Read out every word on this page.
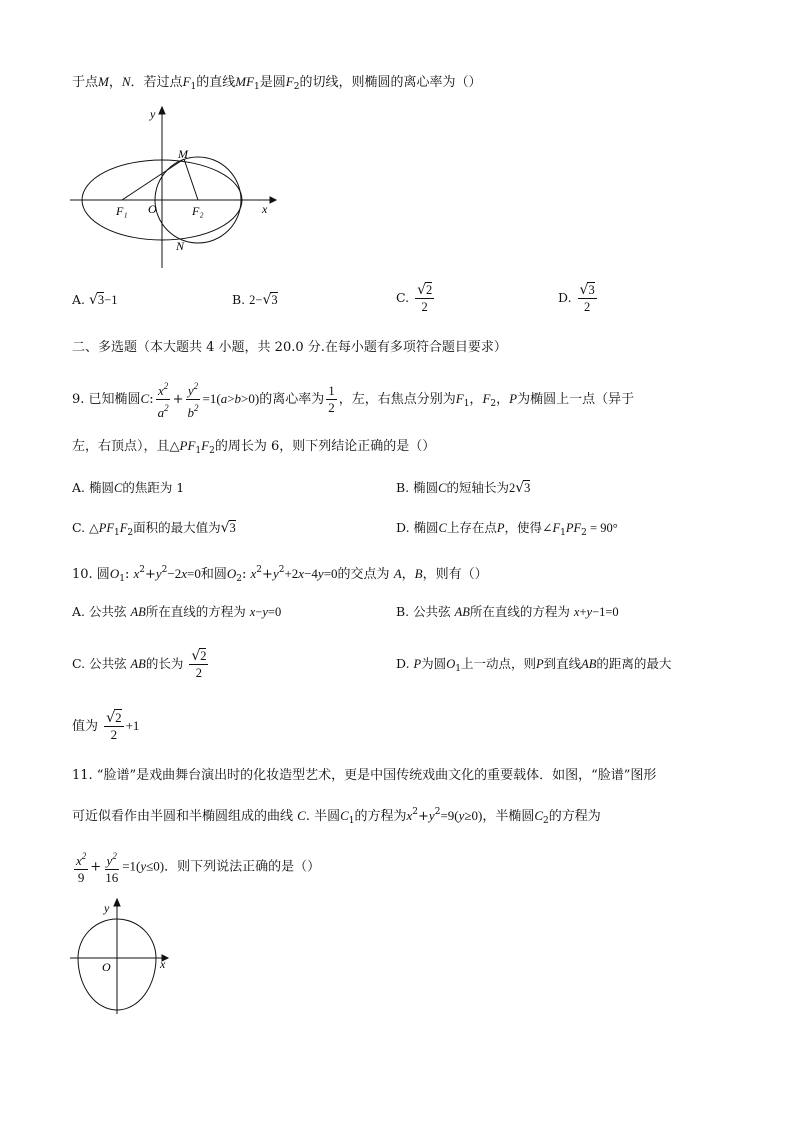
于点M，N．若过点$F_1$的直线$MF_1$是圆$F_2$的切线，则椭圆的离心率为（）
y
x
M
N
O
F₁	F₂
A. √3−1	B. 2−√3	C. $\frac{√2}{2}$	D. $\frac{√3}{2}$
二、多选题（本大题共 4 小题，共 20.0 分.在每小题有多项符合题目要求）
9. 已知椭圆C: $\frac{x^2}{a^2} + \frac{y^2}{b^2} =1(a>b>0)$的离心率为 $\frac{1}{2}$ ，左，右焦点分别为$F_1$，$F_2$，P为椭圆上一点（异于
左，右顶点），且$\triangle PF_1F_2$的周长为 6，则下列结论正确的是（）
A. 椭圆C的焦距为 1	B. 椭圆C的短轴长为2√3
C. $\triangle PF_1F_2$面积的最大值为√3	D. 椭圆C上存在点P，使得$\angle F_1PF_2 = 90^\circ$
10. 圆$O_1$: $x^2+y^2-2x=0$和圆$O_2$: $x^2+y^2+2x-4y=0$的交点为 A，B，则有（）
A. 公共弦 AB所在直线的方程为 x−y=0	B. 公共弦 AB所在直线的方程为 x+y−1=0
C. 公共弦 AB的长为 $\frac{√2}{2}$	D. P为圆$O_1$上一动点，则P到直线AB的距离的最大
值为 $\frac{√2}{2} +1$
11. “脸谱”是戏曲舞台演出时的化妆造型艺术，更是中国传统戏曲文化的重要载体．如图，“脸谱”图形
可近似看作由半圆和半椭圆组成的曲线 C. 半圆$C_1$的方程为$x^2+y^2=9(y\ge 0)$，半椭圆$C_2$的方程为
$\frac{x^2}{9} + \frac{y^2}{16} =1(y\le 0)$．则下列说法正确的是（）
y
x
O
